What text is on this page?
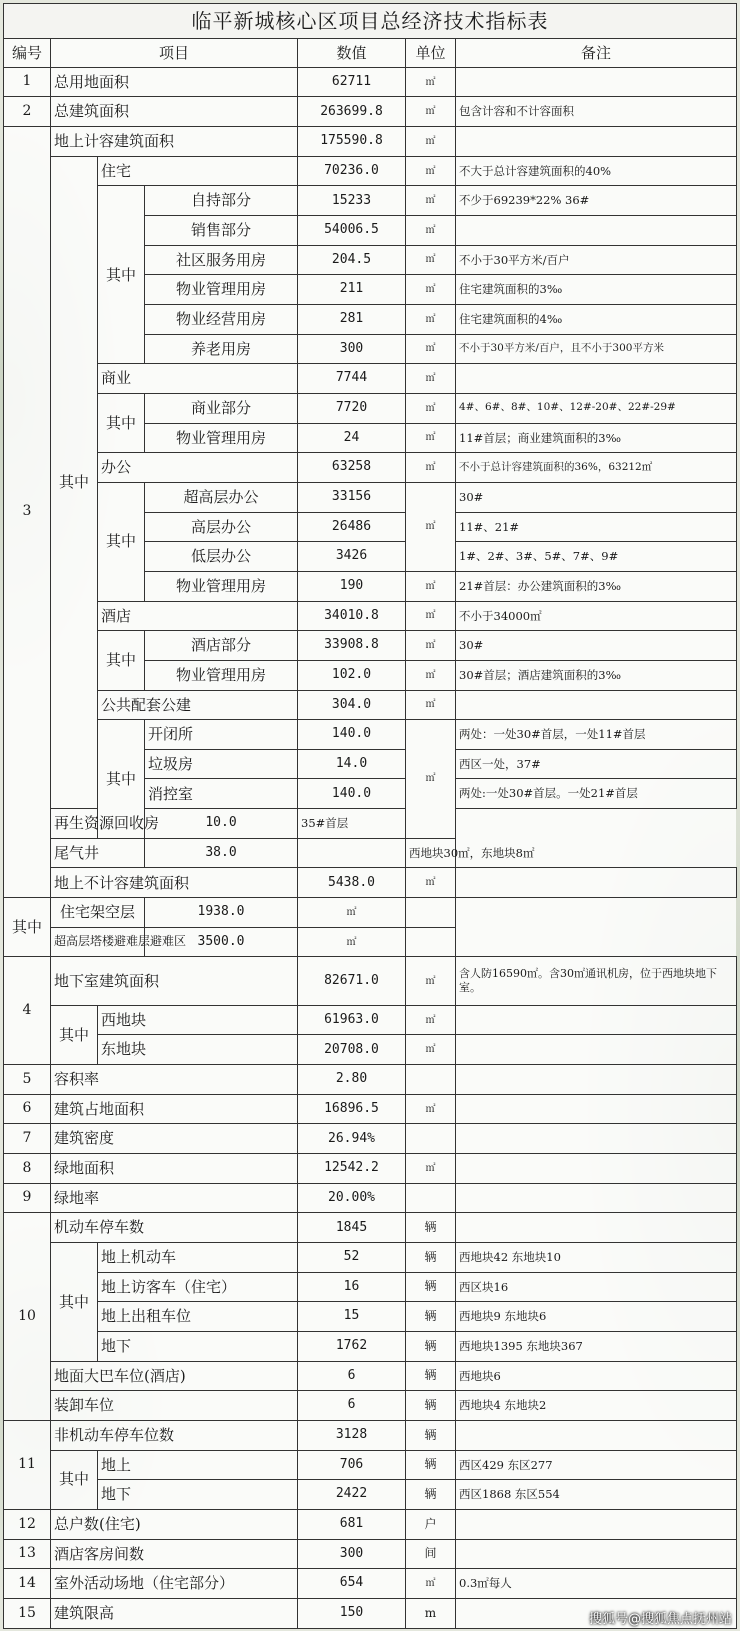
临平新城核心区项目总经济技术指标表						
编号	项目			数值	单位	备注
1	总用地面积			62711	㎡	
2	总建筑面积			263699.8	㎡	包含计容和不计容面积
3	地上计容建筑面积			175590.8	㎡	
	其中	住宅		70236.0	㎡	不大于总计容建筑面积的40%
		其中	自持部分	15233	㎡	不少于69239*22% 36#
			销售部分	54006.5	㎡	
			社区服务用房	204.5	㎡	不小于30平方米/百户
			物业管理用房	211	㎡	住宅建筑面积的3‰
			物业经营用房	281	㎡	住宅建筑面积的4‰
			养老用房	300	㎡	不小于30平方米/百户，且不小于300平方米
		商业		7744	㎡	
		其中	商业部分	7720	㎡	4#、6#、8#、10#、12#-20#、22#-29#
			物业管理用房	24	㎡	11#首层；商业建筑面积的3‰
		办公		63258	㎡	不小于总计容建筑面积的36%，63212㎡
		其中	超高层办公	33156	㎡	30#
			高层办公	26486		11#、21#
			低层办公	3426		1#、2#、3#、5#、7#、9#
			物业管理用房	190	㎡	21#首层：办公建筑面积的3‰
		酒店		34010.8	㎡	不小于34000㎡
		其中	酒店部分	33908.8	㎡	30#
			物业管理用房	102.0	㎡	30#首层；酒店建筑面积的3‰
		公共配套公建		304.0	㎡	
		其中	开闭所	140.0	㎡	两处：一处30#首层，一处11#首层
			垃圾房	14.0		西区一处，37#
			消控室	140.0		两处:一处30#首层。一处21#首层
	再生资源回收房		10.0	35#首层		
	尾气井		38.0		西地块30㎡，东地块8㎡	
	地上不计容建筑面积			5438.0	㎡	
其中	住宅架空层		1938.0	㎡		
	超高层塔楼避难层避难区		3500.0	㎡		
4	地下室建筑面积			82671.0	㎡	含人防16590㎡。含30㎡通讯机房，位于西地块地下室。
	其中	西地块		61963.0	㎡	
		东地块		20708.0	㎡	
5	容积率			2.80		
6	建筑占地面积			16896.5	㎡	
7	建筑密度			26.94%		
8	绿地面积			12542.2	㎡	
9	绿地率			20.00%		
10	机动车停车数			1845	辆	
	其中	地上机动车		52	辆	西地块42 东地块10
		地上访客车（住宅）		16	辆	西区块16
		地上出租车位		15	辆	西地块9 东地块6
		地下		1762	辆	西地块1395 东地块367
	地面大巴车位(酒店)			6	辆	西地块6
	装卸车位			6	辆	西地块4 东地块2
11	非机动车停车位数			3128	辆	
	其中	地上		706	辆	西区429 东区277
		地下		2422	辆	西区1868 东区554
12	总户数(住宅)			681	户	
13	酒店客房间数			300	间	
14	室外活动场地（住宅部分）			654	㎡	0.3㎡每人
15	建筑限高			150	m		搜狐号@搜狐焦点抚州站
